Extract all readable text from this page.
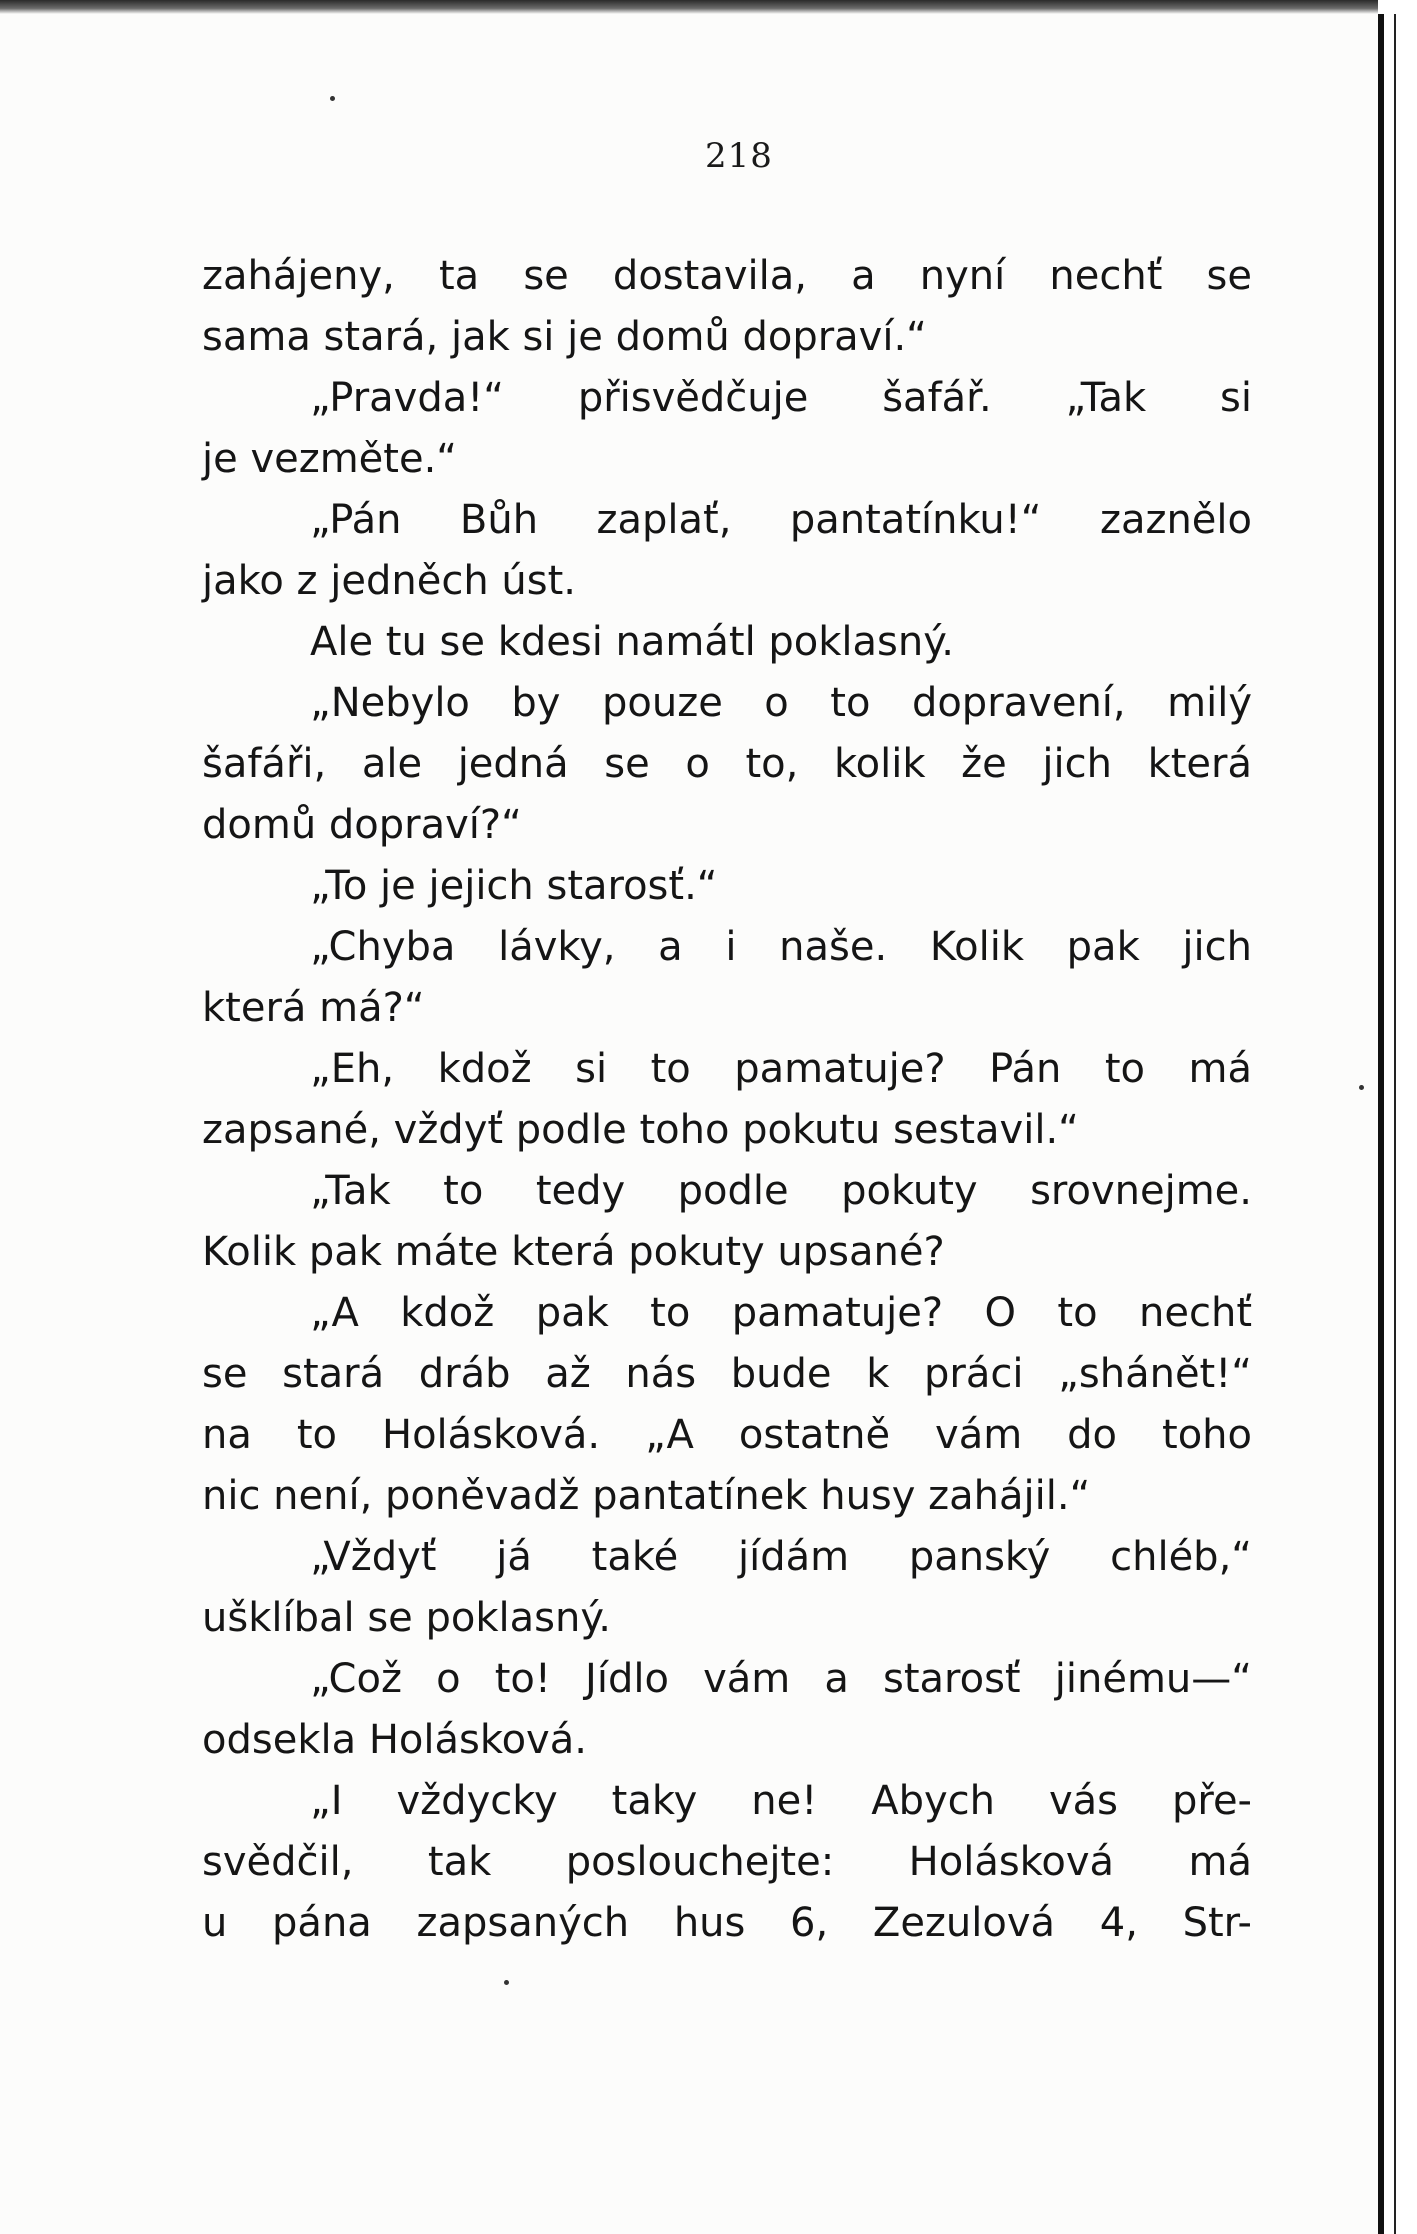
218
zahájeny, ta se dostavila, a nyní nechť se
sama stará, jak si je domů dopraví.“
„Pravda!“ přisvědčuje šafář. „Tak si
je vezměte.“
„Pán Bůh zaplať, pantatínku!“ zaznělo
jako z jedněch úst.
Ale tu se kdesi namátl poklasný.
„Nebylo by pouze o to dopravení, milý
šafáři, ale jedná se o to, kolik že jich která
domů dopraví?“
„To je jejich starosť.“
„Chyba lávky, a i naše. Kolik pak jich
která má?“
„Eh, kdož si to pamatuje? Pán to má
zapsané, vždyť podle toho pokutu sestavil.“
„Tak to tedy podle pokuty srovnejme.
Kolik pak máte která pokuty upsané?
„A kdož pak to pamatuje? O to nechť
se stará dráb až nás bude k práci „shánět!“
na to Holásková. „A ostatně vám do toho
nic není, poněvadž pantatínek husy zahájil.“
„Vždyť já také jídám panský chléb,“
ušklíbal se poklasný.
„Což o to! Jídlo vám a starosť jinému—“
odsekla Holásková.
„I vždycky taky ne! Abych vás pře-
svědčil, tak poslouchejte: Holásková má
u pána zapsaných hus 6, Zezulová 4, Str-
